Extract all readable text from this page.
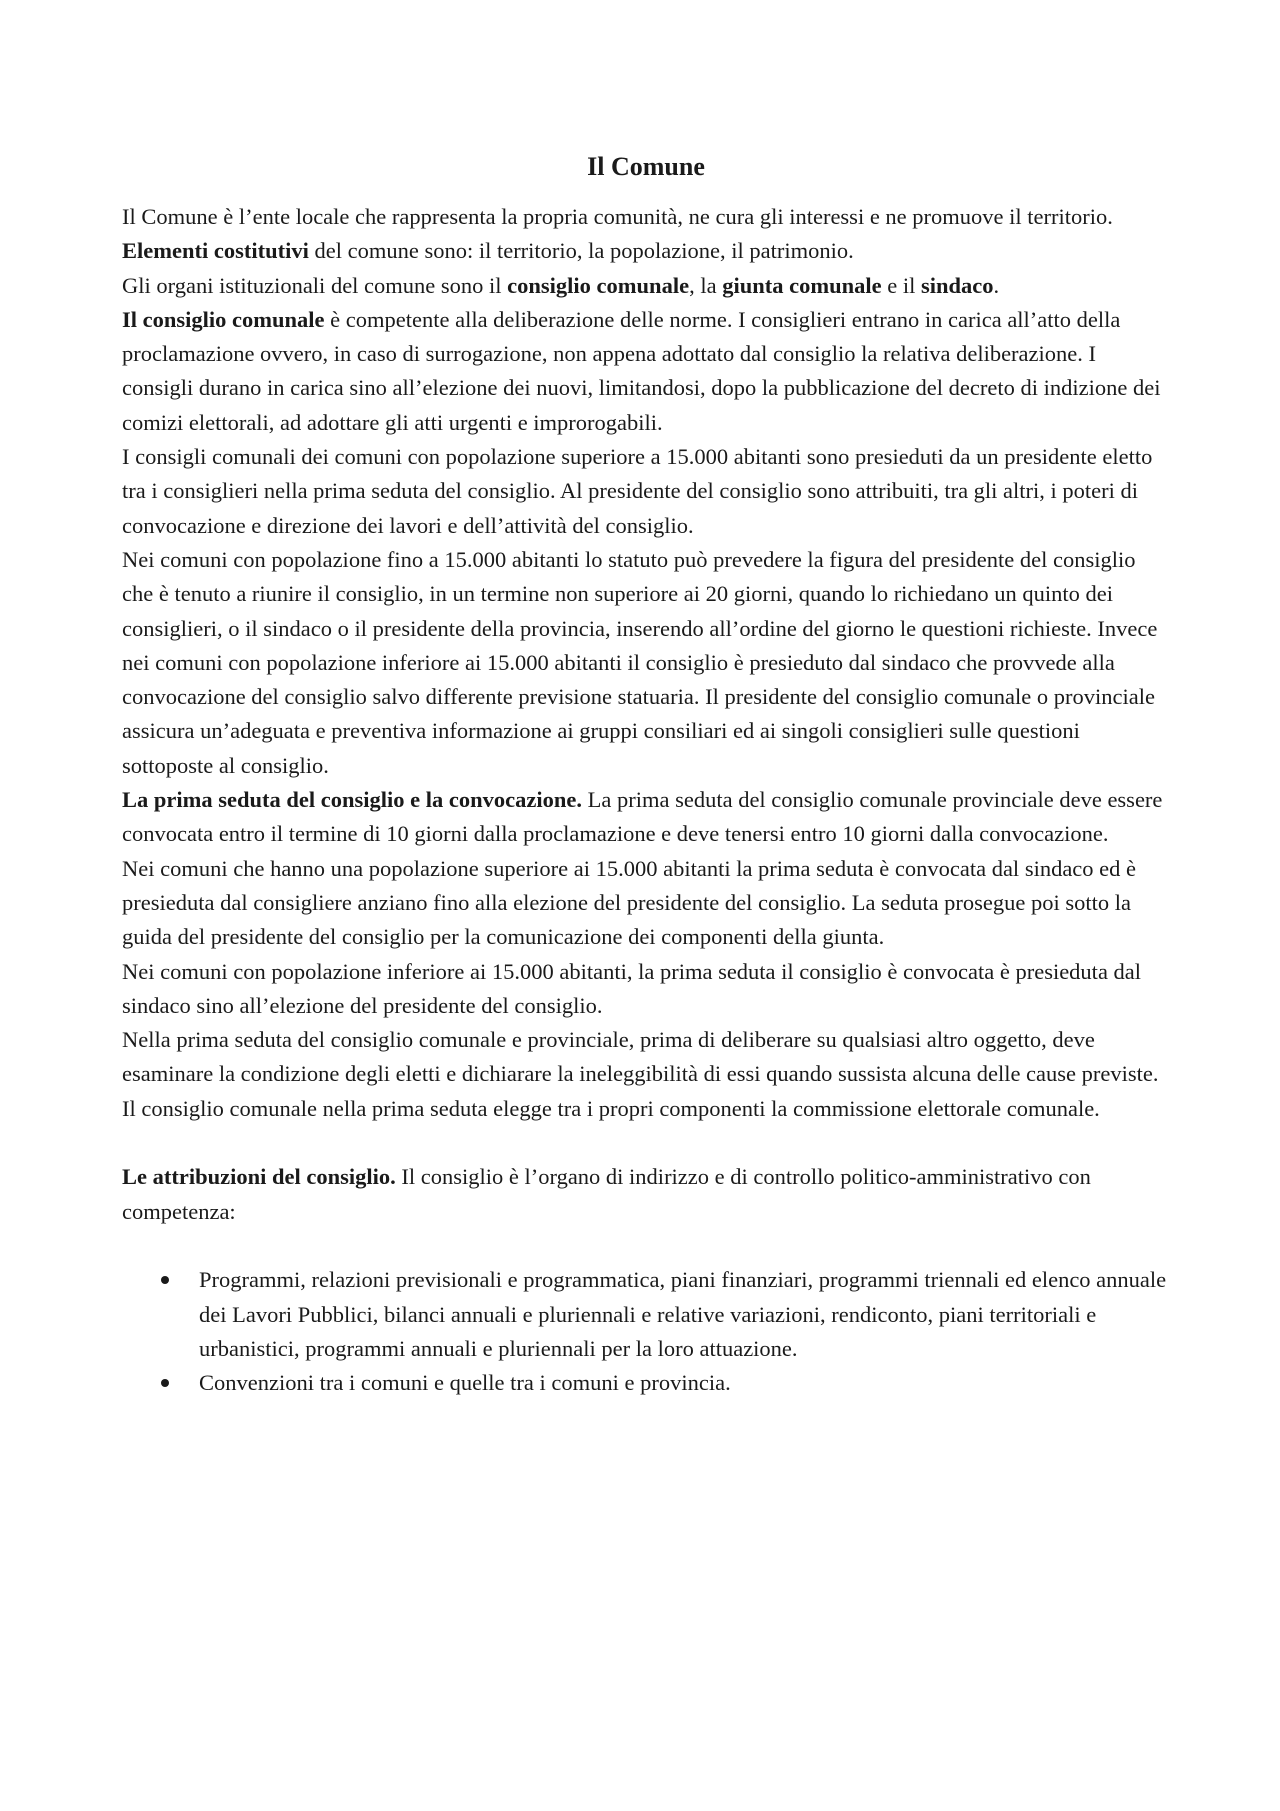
Il Comune

Il Comune è l’ente locale che rappresenta la propria comunità, ne cura gli interessi e ne promuove il territorio.

Elementi costitutivi del comune sono: il territorio, la popolazione, il patrimonio.

Gli organi istituzionali del comune sono il consiglio comunale, la giunta comunale e il sindaco.

Il consiglio comunale è competente alla deliberazione delle norme. I consiglieri entrano in carica all’atto della proclamazione ovvero, in caso di surrogazione, non appena adottato dal consiglio la relativa deliberazione. I consigli durano in carica sino all’elezione dei nuovi, limitandosi, dopo la pubblicazione del decreto di indizione dei comizi elettorali, ad adottare gli atti urgenti e improrogabili.

I consigli comunali dei comuni con popolazione superiore a 15.000 abitanti sono presieduti da un presidente eletto tra i consiglieri nella prima seduta del consiglio. Al presidente del consiglio sono attribuiti, tra gli altri, i poteri di convocazione e direzione dei lavori e dell’attività del consiglio.

Nei comuni con popolazione fino a 15.000 abitanti lo statuto può prevedere la figura del presidente del consiglio che è tenuto a riunire il consiglio, in un termine non superiore ai 20 giorni, quando lo richiedano un quinto dei consiglieri, o il sindaco o il presidente della provincia, inserendo all’ordine del giorno le questioni richieste. Invece nei comuni con popolazione inferiore ai 15.000 abitanti il consiglio è presieduto dal sindaco che provvede alla convocazione del consiglio salvo differente previsione statuaria. Il presidente del consiglio comunale o provinciale assicura un’adeguata e preventiva informazione ai gruppi consiliari ed ai singoli consiglieri sulle questioni sottoposte al consiglio.

La prima seduta del consiglio e la convocazione. La prima seduta del consiglio comunale provinciale deve essere convocata entro il termine di 10 giorni dalla proclamazione e deve tenersi entro 10 giorni dalla convocazione.

Nei comuni che hanno una popolazione superiore ai 15.000 abitanti la prima seduta è convocata dal sindaco ed è presieduta dal consigliere anziano fino alla elezione del presidente del consiglio. La seduta prosegue poi sotto la guida del presidente del consiglio per la comunicazione dei componenti della giunta.

Nei comuni con popolazione inferiore ai 15.000 abitanti, la prima seduta il consiglio è convocata è presieduta dal sindaco sino all’elezione del presidente del consiglio.

Nella prima seduta del consiglio comunale e provinciale, prima di deliberare su qualsiasi altro oggetto, deve esaminare la condizione degli eletti e dichiarare la ineleggibilità di essi quando sussista alcuna delle cause previste. Il consiglio comunale nella prima seduta elegge tra i propri componenti la commissione elettorale comunale.

Le attribuzioni del consiglio. Il consiglio è l’organo di indirizzo e di controllo politico-amministrativo con competenza:

Programmi, relazioni previsionali e programmatica, piani finanziari, programmi triennali ed elenco annuale dei Lavori Pubblici, bilanci annuali e pluriennali e relative variazioni, rendiconto, piani territoriali e urbanistici, programmi annuali e pluriennali per la loro attuazione.
Convenzioni tra i comuni e quelle tra i comuni e provincia.
